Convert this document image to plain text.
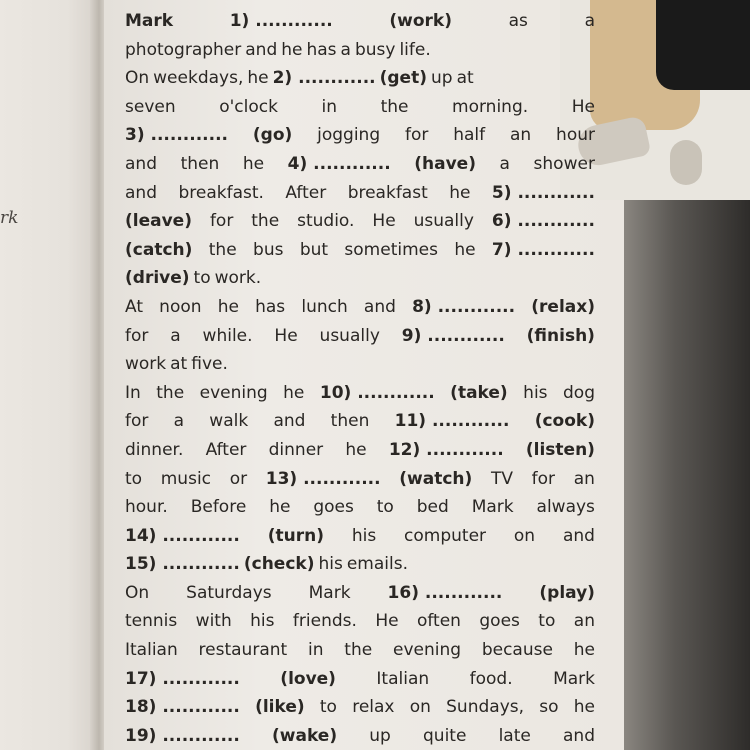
rk
Mark	1) ............	(work)	as	a
photographer and he has a busy life.
On weekdays, he 2) ............ (get) up at
seven	o'clock	in	the	morning.	He
3) ............ (go) jogging for half an hour
and then he 4) ............ (have) a shower
and breakfast. After breakfast he 5) ............
(leave) for the studio. He usually 6) ............
(catch) the bus but sometimes he 7) ............
(drive) to work.
At noon he has lunch and 8) ............ (relax)
for a while. He usually 9) ............ (finish)
work at five.
In the evening he 10) ............ (take) his dog
for a walk and then 11) ............ (cook)
dinner. After dinner he 12) ............ (listen)
to music or 13) ............ (watch) TV for an
hour. Before he goes to bed Mark always
14) ............ (turn) his computer on and
15) ............ (check) his emails.
On Saturdays Mark 16) ............ (play)
tennis with his friends. He often goes to an
Italian restaurant in the evening because he
17) ............ (love) Italian food. Mark
18) ............ (like) to relax on Sundays, so he
19) ............ (wake) up quite late and
